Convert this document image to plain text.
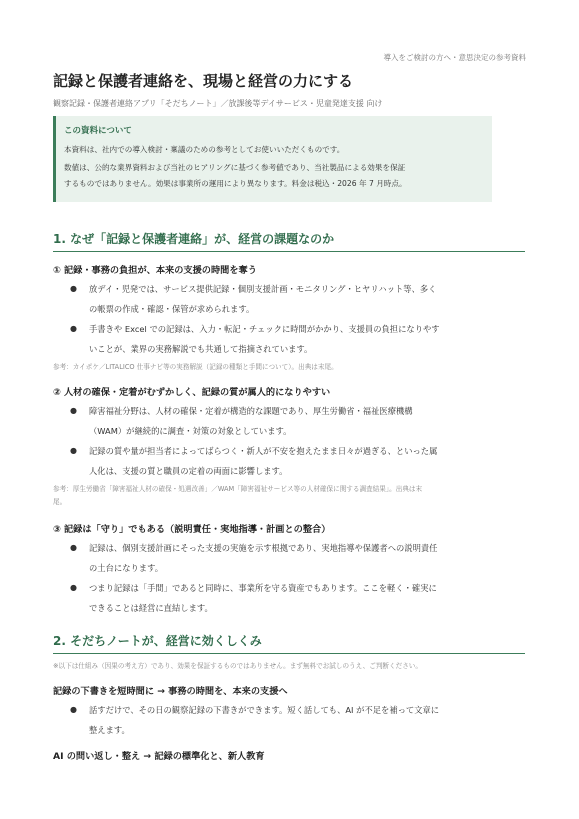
導入をご検討の方へ・意思決定の参考資料
記録と保護者連絡を、現場と経営の力にする
観察記録・保護者連絡アプリ「そだちノート」／放課後等デイサービス・児童発達支援 向け
この資料について

本資料は、社内での導入検討・稟議のための参考としてお使いいただくものです。

数値は、公的な業界資料および当社のヒアリングに基づく参考値であり、当社製品による効果を保証
するものではありません。効果は事業所の運用により異なります。料金は税込・2026 年 7 月時点。

1. なぜ「記録と保護者連絡」が、経営の課題なのか
① 記録・事務の負担が、本来の支援の時間を奪う
●	放デイ・児発では、サービス提供記録・個別支援計画・モニタリング・ヒヤリハット等、多く
の帳票の作成・確認・保管が求められます。
●	手書きや Excel での記録は、入力・転記・チェックに時間がかかり、支援員の負担になりやす
いことが、業界の実務解説でも共通して指摘されています。
参考：カイポケ／LITALICO 仕事ナビ等の実務解説（記録の種類と手間について）。出典は末尾。
② 人材の確保・定着がむずかしく、記録の質が属人的になりやすい
●	障害福祉分野は、人材の確保・定着が構造的な課題であり、厚生労働省・福祉医療機構
（WAM）が継続的に調査・対策の対象としています。
●	記録の質や量が担当者によってばらつく・新人が不安を抱えたまま日々が過ぎる、といった属
人化は、支援の質と職員の定着の両面に影響します。
参考：厚生労働省「障害福祉人材の確保・処遇改善」／WAM「障害福祉サービス等の人材確保に関する調査結果」。出典は末
尾。
③ 記録は「守り」でもある（説明責任・実地指導・計画との整合）
●	記録は、個別支援計画にそった支援の実施を示す根拠であり、実地指導や保護者への説明責任
の土台になります。
●	つまり記録は「手間」であると同時に、事業所を守る資産でもあります。ここを軽く・確実に
できることは経営に直結します。
2. そだちノートが、経営に効くしくみ
※以下は仕組み（因果の考え方）であり、効果を保証するものではありません。まず無料でお試しのうえ、ご判断ください。
記録の下書きを短時間に → 事務の時間を、本来の支援へ
●	話すだけで、その日の観察記録の下書きができます。短く話しても、AI が不足を補って文章に
整えます。
AI の問い返し・整え → 記録の標準化と、新人教育
